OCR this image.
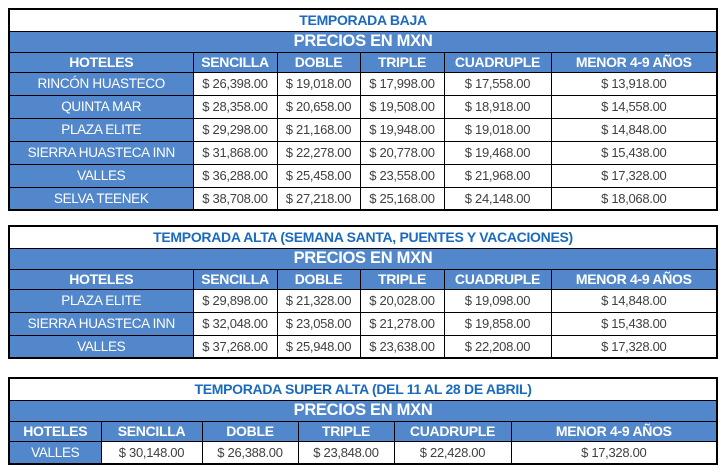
TEMPORADA BAJA					
PRECIOS EN MXN					
HOTELES	SENCILLA	DOBLE	TRIPLE	CUADRUPLE	MENOR 4-9 AÑOS
RINCÓN HUASTECO	$ 26,398.00	$ 19,018.00	$ 17,998.00	$ 17,558.00	$ 13,918.00
QUINTA MAR	$ 28,358.00	$ 20,658.00	$ 19,508.00	$ 18,918.00	$ 14,558.00
PLAZA ELITE	$ 29,298.00	$ 21,168.00	$ 19,948.00	$ 19,018.00	$ 14,848.00
SIERRA HUASTECA INN	$ 31,868.00	$ 22,278.00	$ 20,778.00	$ 19,468.00	$ 15,438.00
VALLES	$ 36,288.00	$ 25,458.00	$ 23,558.00	$ 21,968.00	$ 17,328.00
SELVA TEENEK	$ 38,708.00	$ 27,218.00	$ 25,168.00	$ 24,148.00	$ 18,068.00
TEMPORADA ALTA (SEMANA SANTA, PUENTES Y VACACIONES)					
PRECIOS EN MXN					
HOTELES	SENCILLA	DOBLE	TRIPLE	CUADRUPLE	MENOR 4-9 AÑOS
PLAZA ELITE	$ 29,898.00	$ 21,328.00	$ 20,028.00	$ 19,098.00	$ 14,848.00
SIERRA HUASTECA INN	$ 32,048.00	$ 23,058.00	$ 21,278.00	$ 19,858.00	$ 15,438.00
VALLES	$ 37,268.00	$ 25,948.00	$ 23,638.00	$ 22,208.00	$ 17,328.00
TEMPORADA SUPER ALTA (DEL 11 AL 28 DE ABRIL)					
PRECIOS EN MXN					
HOTELES	SENCILLA	DOBLE	TRIPLE	CUADRUPLE	MENOR 4-9 AÑOS
VALLES	$ 30,148.00	$ 26,388.00	$ 23,848.00	$ 22,428.00	$ 17,328.00
